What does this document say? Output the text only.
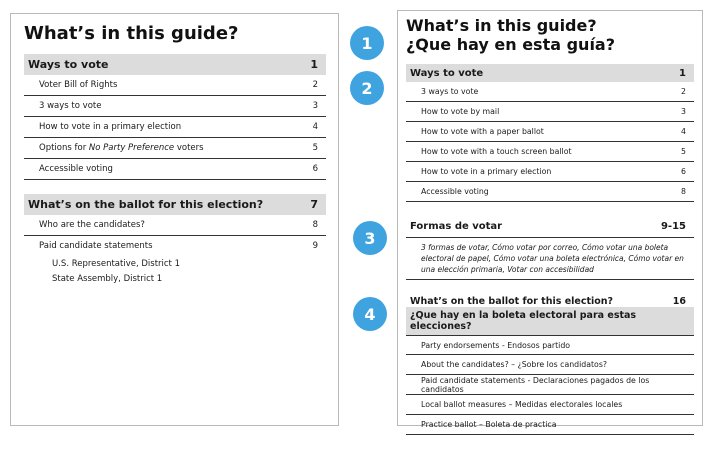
What’s in this guide?
Ways to vote	1
Voter Bill of Rights	2
3 ways to vote	3
How to vote in a primary election	4
Options for No Party Preference voters	5
Accessible voting	6
What’s on the ballot for this election?	7
Who are the candidates?	8
Paid candidate statements	9
U.S. Representative, District 1
State Assembly, District 1
1
2
3
4
What’s in this guide?
¿Que hay en esta guía?
Ways to vote	1
3 ways to vote	2
How to vote by mail	3
How to vote with a paper ballot	4
How to vote with a touch screen ballot	5
How to vote in a primary election	6
Accessible voting	8
Formas de votar	9-15
3 formas de votar, Cómo votar por correo, Cómo votar una boleta electoral de papel, Cómo votar una boleta electrónica, Cómo votar en una elección primaria, Votar con accesibilidad
What’s on the ballot for this election?	16
¿Que hay en la boleta electoral para estas elecciones?
Party endorsements - Endosos partido
About the candidates? – ¿Sobre los candidatos?
Paid candidate statements - Declaraciones pagados de los candidatos
Local ballot measures – Medidas electorales locales
Practice ballot – Boleta de practica
